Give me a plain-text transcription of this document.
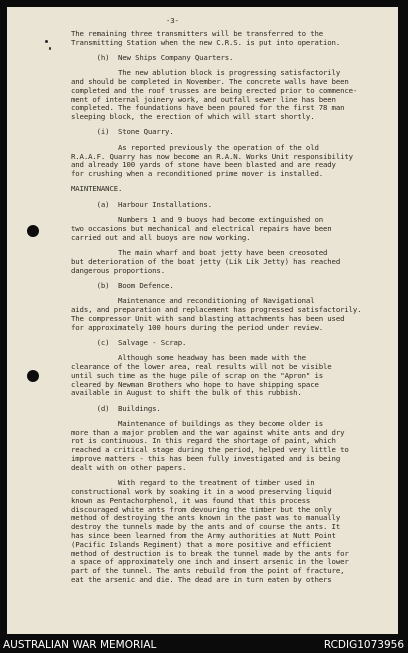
-3-
The remaining three transmitters will be transferred to the
Transmitting Station when the new C.R.S. is put into operation.
(h)  New Ships Company Quarters.
The new ablution block is progressing satisfactorily
and should be completed in November. The concrete walls have been
completed and the roof trusses are being erected prior to commence-
ment of internal joinery work, and outfall sewer line has been
completed. The foundations have been poured for the first 78 man
sleeping block, the erection of which will start shortly.
(i)  Stone Quarry.
As reported previously the operation of the old
R.A.A.F. Quarry has now become an R.A.N. Works Unit responsibility
and already 100 yards of stone have been blasted and are ready
for crushing when a reconditioned prime mover is installed.
MAINTENANCE.
(a)  Harbour Installations.
Numbers 1 and 9 buoys had become extinguished on
two occasions but mechanical and electrical repairs have been
carried out and all buoys are now working.
The main wharf and boat jetty have been creosoted
but deterioration of the boat jetty (Lik Lik Jetty) has reached
dangerous proportions.
(b)  Boom Defence.
Maintenance and reconditioning of Navigational
aids, and preparation and replacement has progressed satisfactorily.
The compressor Unit with sand blasting attachments has been used
for approximately 100 hours during the period under review.
(c)  Salvage - Scrap.
Although some headway has been made with the
clearance of the lower area, real results will not be visible
until such time as the huge pile of scrap on the "Apron" is
cleared by Newman Brothers who hope to have shipping space
available in August to shift the bulk of this rubbish.
(d)  Buildings.
Maintenance of buildings as they become older is
more than a major problem and the war against white ants and dry
rot is continuous. In this regard the shortage of paint, which
reached a critical stage during the period, helped very little to
improve matters - this has been fully investigated and is being
dealt with on other papers.
With regard to the treatment of timber used in
constructional work by soaking it in a wood preserving liquid
known as Pentachorphenol, it was found that this process
discouraged white ants from devouring the timber but the only
method of destroying the ants known in the past was to manually
destroy the tunnels made by the ants and of course the ants. It
has since been learned from the Army authorities at Nutt Point
(Pacific Islands Regiment) that a more positive and efficient
method of destruction is to break the tunnel made by the ants for
a space of approximately one inch and insert arsenic in the lower
part of the tunnel. The ants rebuild from the point of fracture,
eat the arsenic and die. The dead are in turn eaten by others
AUSTRALIAN WAR MEMORIAL	RCDIG1073956
